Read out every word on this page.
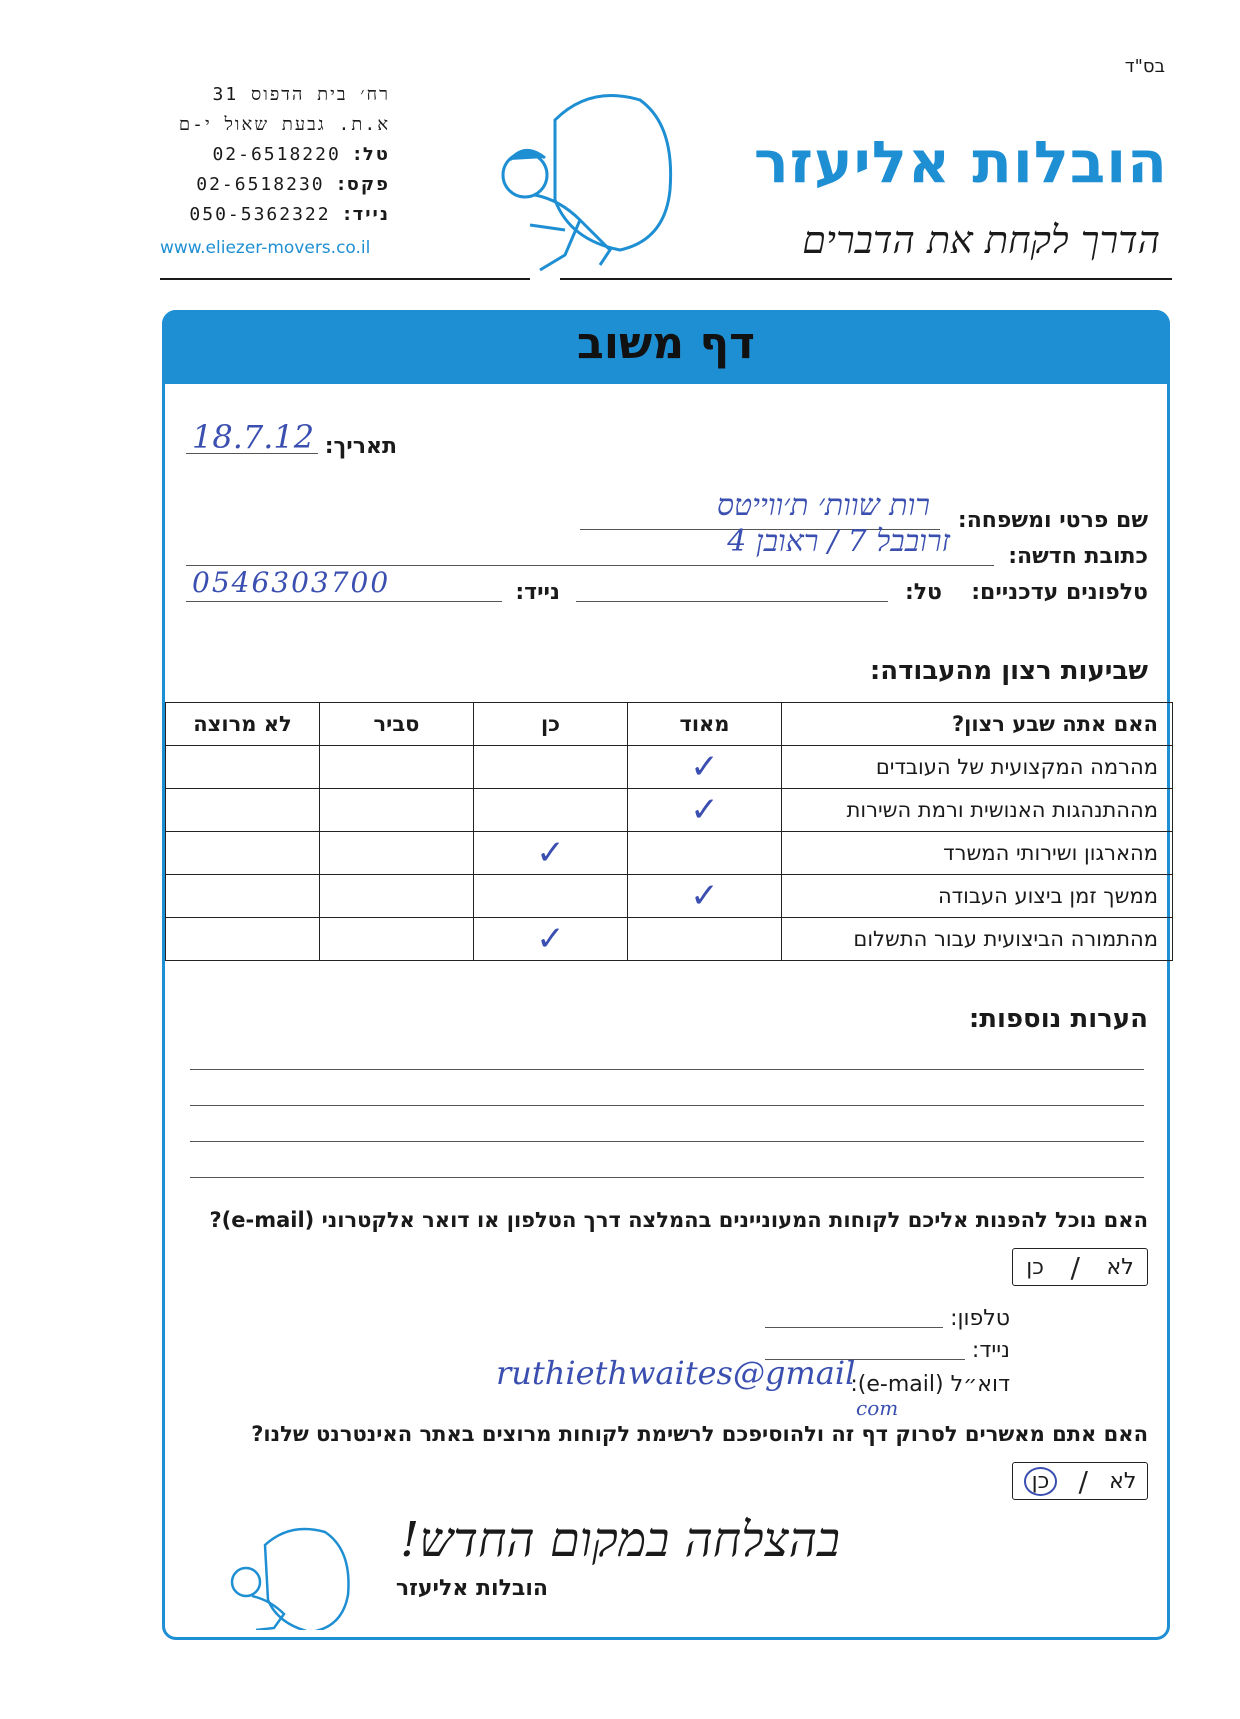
בס"ד
הובלות אליעזר
הדרך לקחת את הדברים
רח׳ בית הדפוס 31
א.ת. גבעת שאול י-ם
טל: 02-6518220
פקס: 02-6518230
נייד: 050-5362322
www.eliezer-movers.co.il
דף משוב
תאריך:
18.7.12
שם פרטי ומשפחה:
רות שוות׳ ת׳ווייטס
כתובת חדשה:
זרובבל 7 / ראובן 4
טלפונים עדכניים:
טל:
נייד:
0546303700
שביעות רצון מהעבודה:
האם אתה שבע רצון?	מאוד	כן	סביר	לא מרוצה
מהרמה המקצועית של העובדים	✓			
מההתנהגות האנושית ורמת השירות	✓			
מהארגון ושירותי המשרד		✓		
ממשך זמן ביצוע העבודה	✓			
מהתמורה הביצועית עבור התשלום		✓		
הערות נוספות:
האם נוכל להפנות אליכם לקוחות המעוניינים בהמלצה דרך הטלפון או דואר אלקטרוני (e-mail)?
לא
/
כן
טלפון:
נייד:
דוא״ל (e-mail):
ruthiethwaites@gmail
com
האם אתם מאשרים לסרוק דף זה ולהוסיפכם לרשימת לקוחות מרוצים באתר האינטרנט שלנו?
לא
/
כן
בהצלחה במקום החדש!
הובלות אליעזר
